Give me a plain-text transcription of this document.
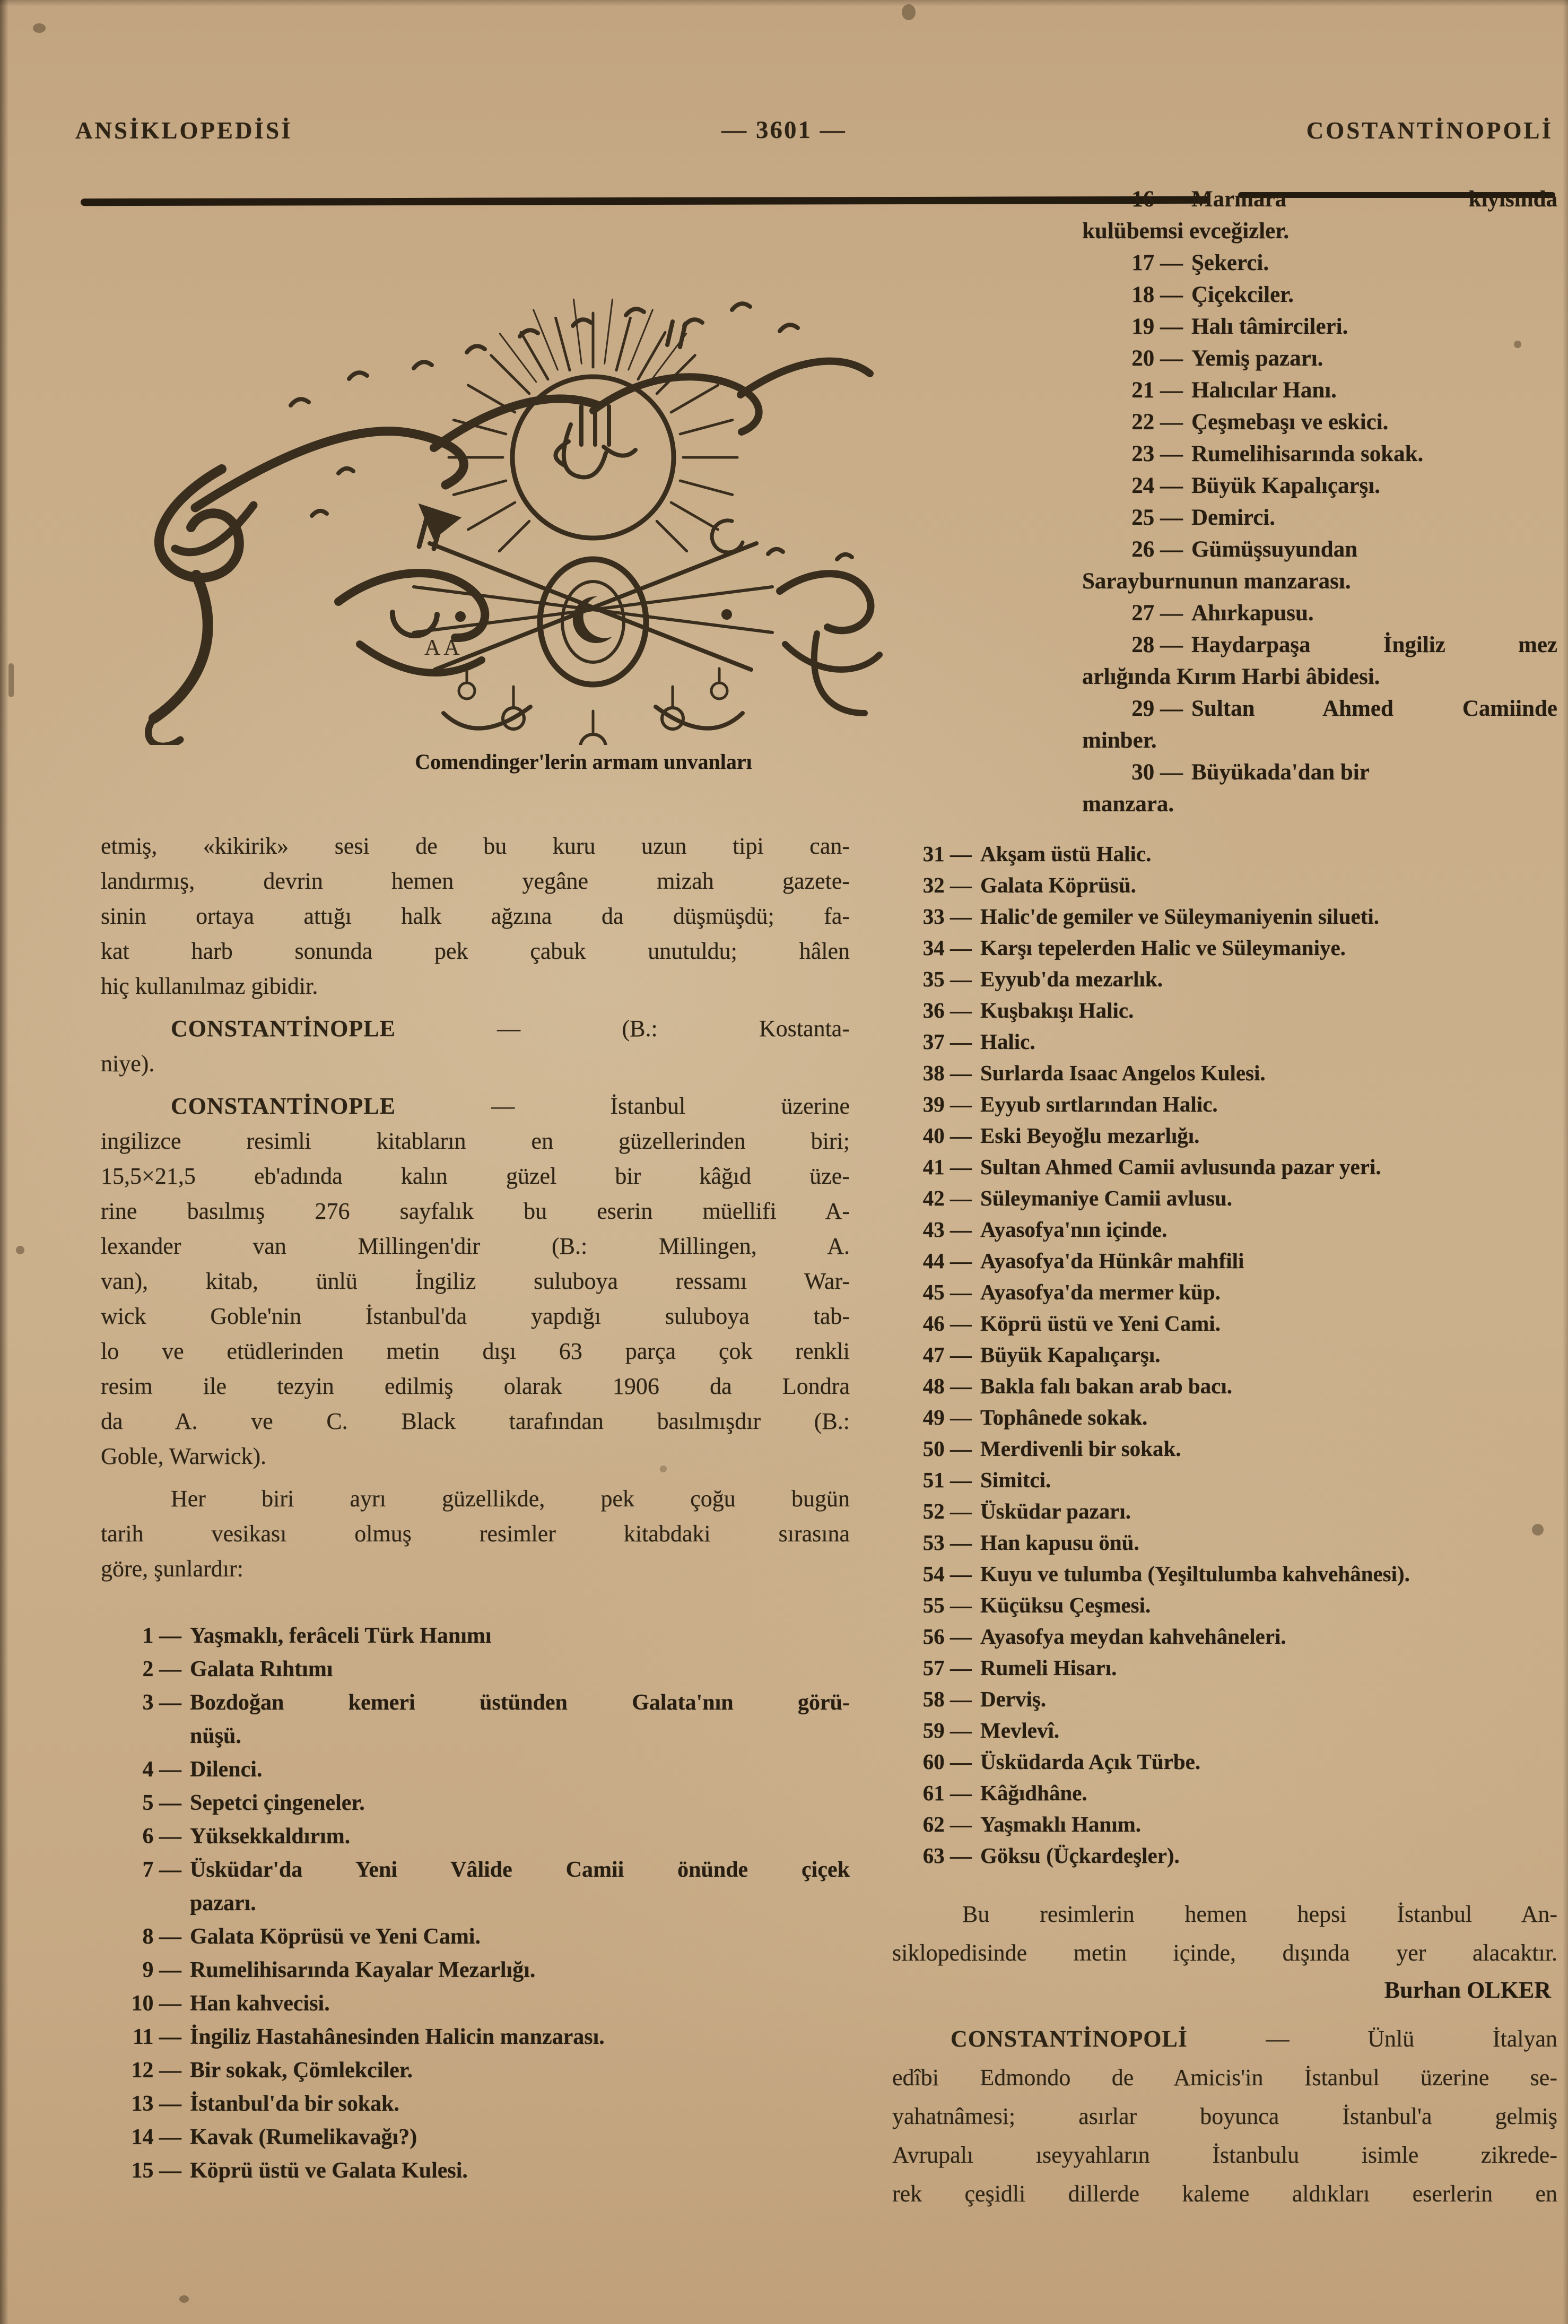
ANSİKLOPEDİSİ	— 3601 —	COSTANTİNOPOLİ
A A
Comendinger'lerin armam unvanları
etmiş, «kikirik» sesi de bu kuru uzun tipi can-
landırmış, devrin hemen yegâne mizah gazete-
sinin ortaya attığı halk ağzına da düşmüşdü; fa-
kat harb sonunda pek çabuk unutuldu; hâlen
hiç kullanılmaz gibidir.
CONSTANTİNOPLE — (B.: Kostanta-
niye).
CONSTANTİNOPLE — İstanbul üzerine
ingilizce resimli kitabların en güzellerinden biri;
15,5×21,5 eb'adında kalın güzel bir kâğıd üze-
rine basılmış 276 sayfalık bu eserin müellifi A-
lexander van Millingen'dir (B.: Millingen, A.
van), kitab, ünlü İngiliz suluboya ressamı War-
wick Goble'nin İstanbul'da yapdığı suluboya tab-
lo ve etüdlerinden metin dışı 63 parça çok renkli
resim ile tezyin edilmiş olarak 1906 da Londra
da A. ve C. Black tarafından basılmışdır (B.:
Goble, Warwick).
Her biri ayrı güzellikde, pek çoğu bugün
tarih vesikası olmuş resimler kitabdaki sırasına
göre, şunlardır:
1 — Yaşmaklı, ferâceli Türk Hanımı
2 — Galata Rıhtımı
3 — Bozdoğan kemeri üstünden Galata'nın görü-
nüşü.
4 — Dilenci.
5 — Sepetci çingeneler.
6 — Yüksekkaldırım.
7 — Üsküdar'da Yeni Vâlide Camii önünde çiçek
pazarı.
8 — Galata Köprüsü ve Yeni Cami.
9 — Rumelihisarında Kayalar Mezarlığı.
10 — Han kahvecisi.
11 — İngiliz Hastahânesinden Halicin manzarası.
12 — Bir sokak, Çömlekciler.
13 — İstanbul'da bir sokak.
14 — Kavak (Rumelikavağı?)
15 — Köprü üstü ve Galata Kulesi.
16 — Marmara kıyısında
kulübemsi evceğizler.
17 — Şekerci.
18 — Çiçekciler.
19 — Halı tâmircileri.
20 — Yemiş pazarı.
21 — Halıcılar Hanı.
22 — Çeşmebaşı ve eskici.
23 — Rumelihisarında sokak.
24 — Büyük Kapalıçarşı.
25 — Demirci.
26 — Gümüşsuyundan
Sarayburnunun manzarası.
27 — Ahırkapusu.
28 — Haydarpaşa İngiliz mez
arlığında Kırım Harbi âbidesi.
29 — Sultan Ahmed Camiinde
minber.
30 — Büyükada'dan bir
manzara.
31 — Akşam üstü Halic.
32 — Galata Köprüsü.
33 — Halic'de gemiler ve Süleymaniyenin silueti.
34 — Karşı tepelerden Halic ve Süleymaniye.
35 — Eyyub'da mezarlık.
36 — Kuşbakışı Halic.
37 — Halic.
38 — Surlarda Isaac Angelos Kulesi.
39 — Eyyub sırtlarından Halic.
40 — Eski Beyoğlu mezarlığı.
41 — Sultan Ahmed Camii avlusunda pazar yeri.
42 — Süleymaniye Camii avlusu.
43 — Ayasofya'nın içinde.
44 — Ayasofya'da Hünkâr mahfili
45 — Ayasofya'da mermer küp.
46 — Köprü üstü ve Yeni Cami.
47 — Büyük Kapalıçarşı.
48 — Bakla falı bakan arab bacı.
49 — Tophânede sokak.
50 — Merdivenli bir sokak.
51 — Simitci.
52 — Üsküdar pazarı.
53 — Han kapusu önü.
54 — Kuyu ve tulumba (Yeşiltulumba kahvehânesi).
55 — Küçüksu Çeşmesi.
56 — Ayasofya meydan kahvehâneleri.
57 — Rumeli Hisarı.
58 — Derviş.
59 — Mevlevî.
60 — Üsküdarda Açık Türbe.
61 — Kâğıdhâne.
62 — Yaşmaklı Hanım.
63 — Göksu (Üçkardeşler).
Bu resimlerin hemen hepsi İstanbul An-
siklopedisinde metin içinde, dışında yer alacaktır.
Burhan OLKER
CONSTANTİNOPOLİ — Ünlü İtalyan
edîbi Edmondo de Amicis'in İstanbul üzerine se-
yahatnâmesi; asırlar boyunca İstanbul'a gelmiş
Avrupalı ıseyyahların İstanbulu isimle zikrede-
rek çeşidli dillerde kaleme aldıkları eserlerin en
